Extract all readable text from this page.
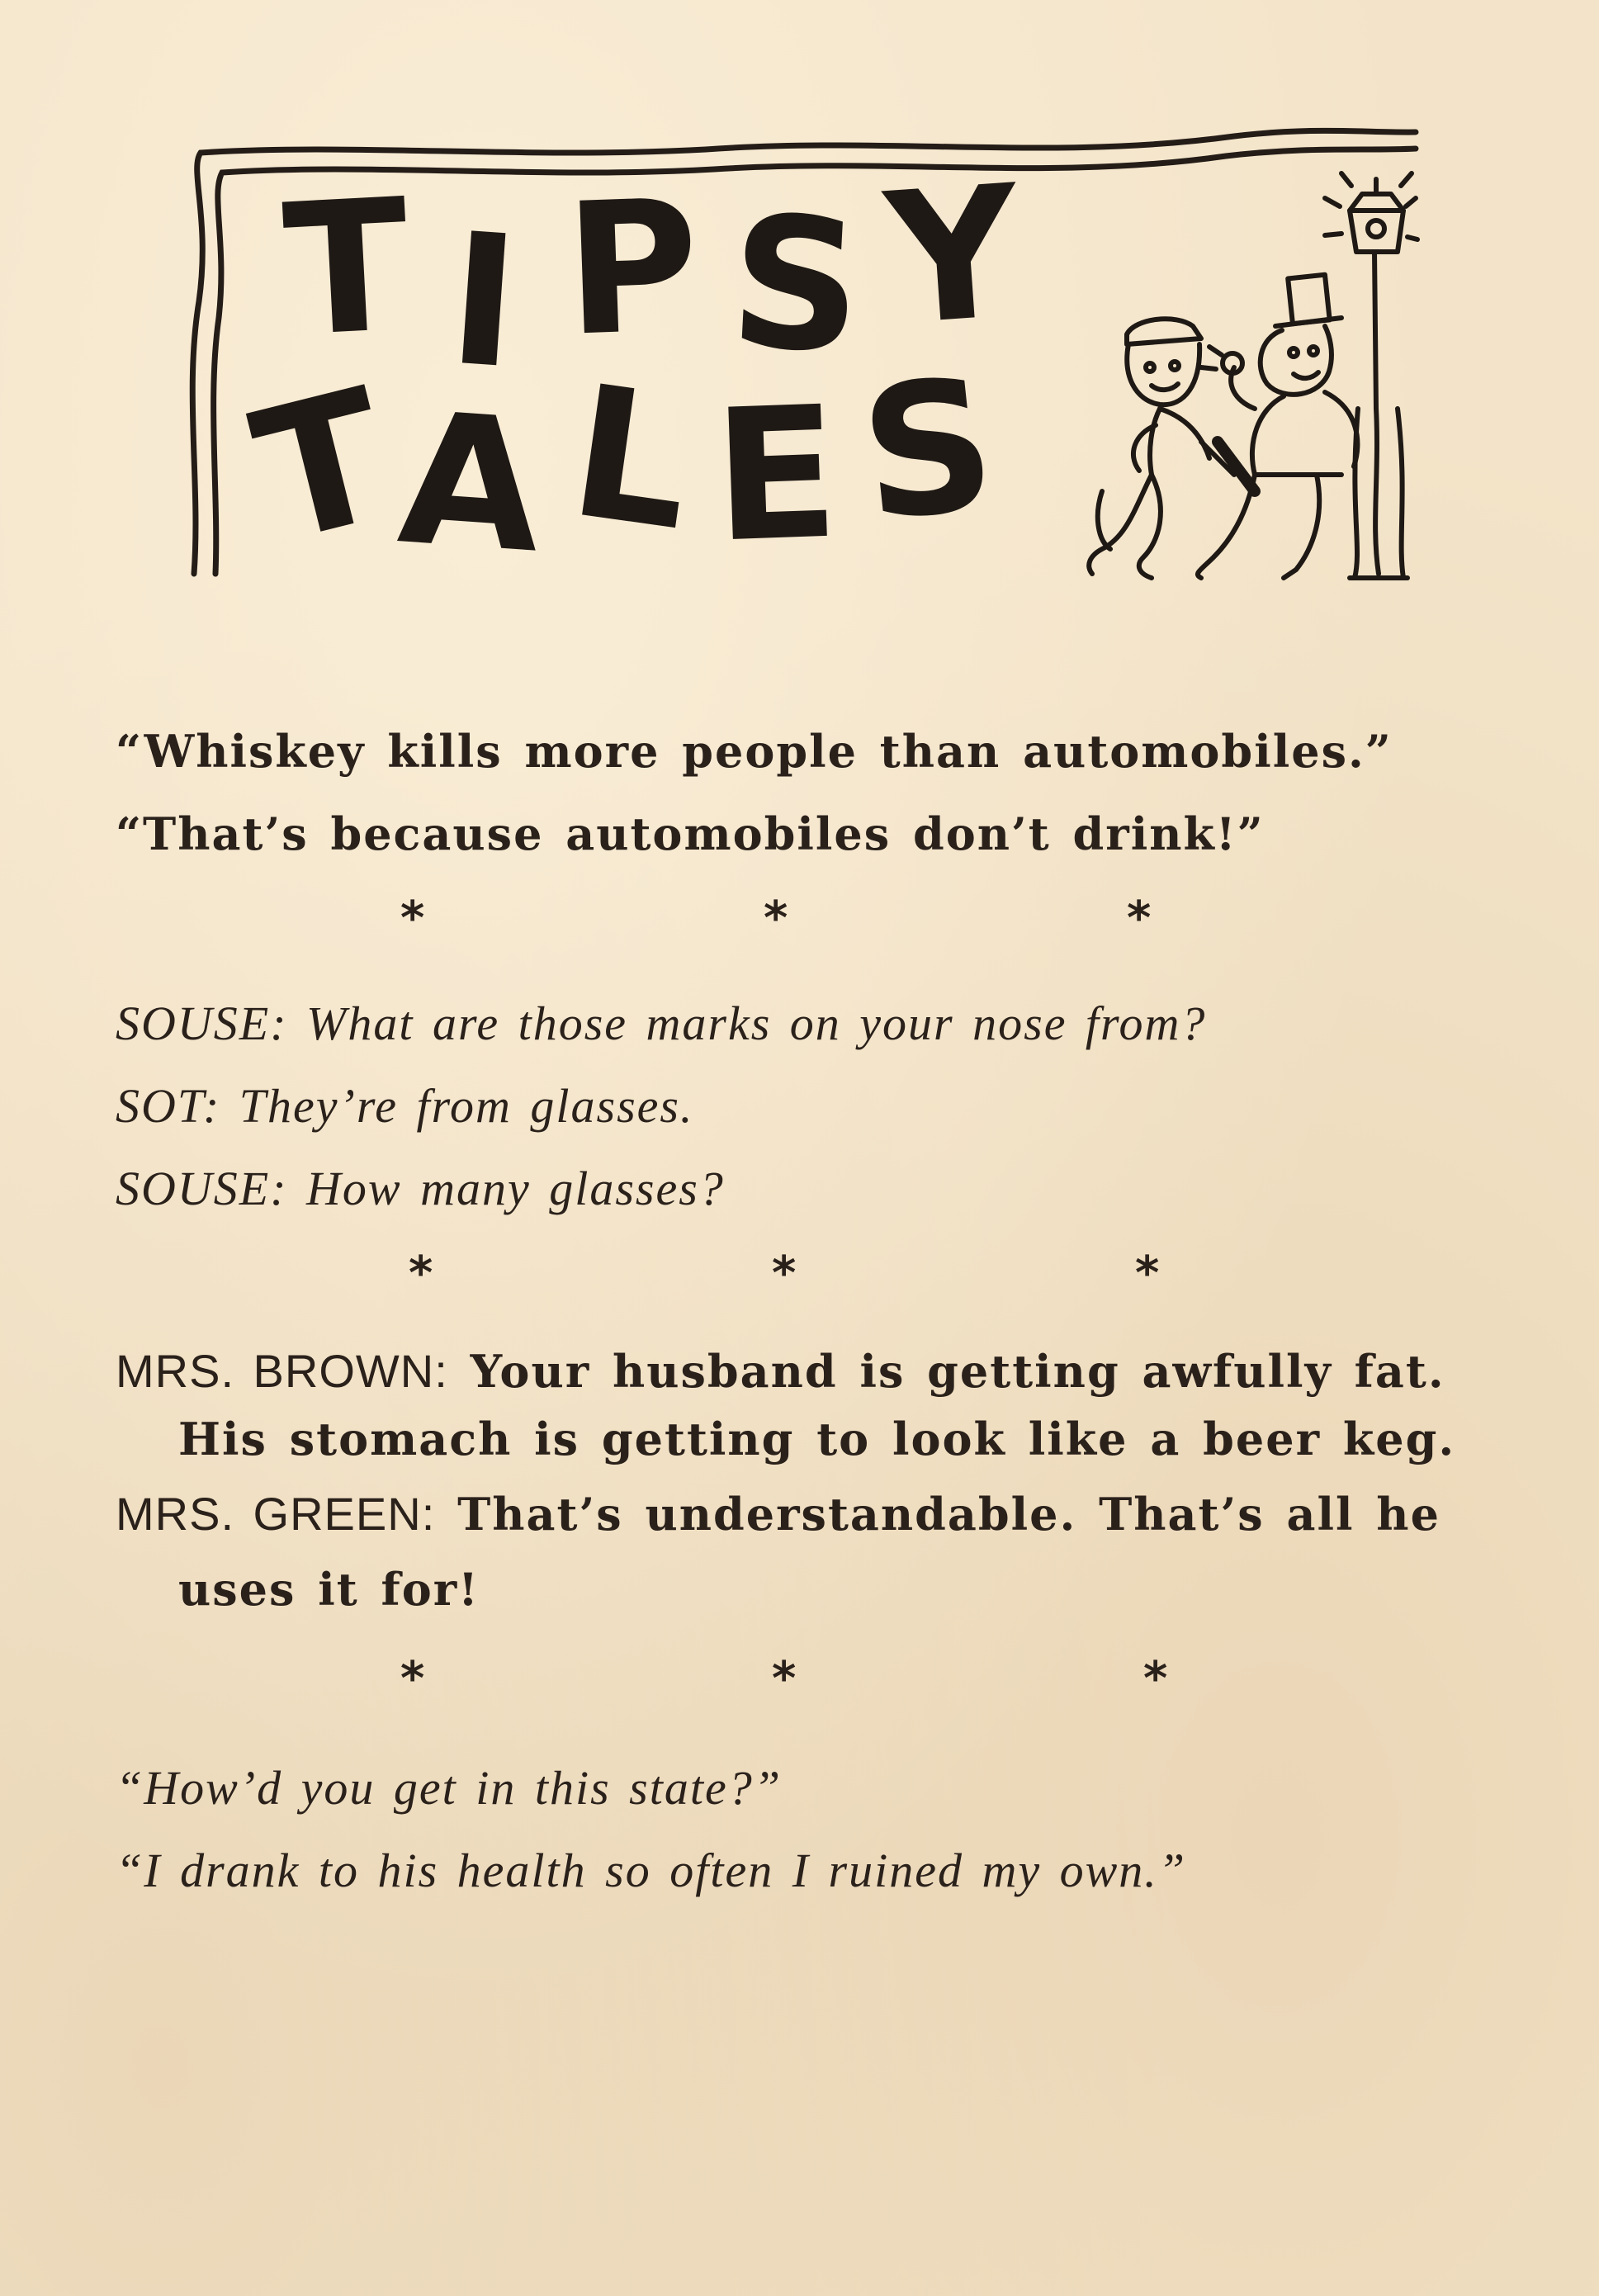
T I P S Y
T
A L E S
“Whiskey kills more people than automobiles.”
“That’s because automobiles don’t drink!”
*	*	*
SOUSE: What are those marks on your nose from?
SOT: They’re from glasses.
SOUSE: How many glasses?
*	*	*
MRS. BROWN: Your husband is getting awfully fat.
His stomach is getting to look like a beer keg.
MRS. GREEN: That’s understandable. That’s all he
uses it for!
*	*	*
“How’d you get in this state?”
“I drank to his health so often I ruined my own.”
